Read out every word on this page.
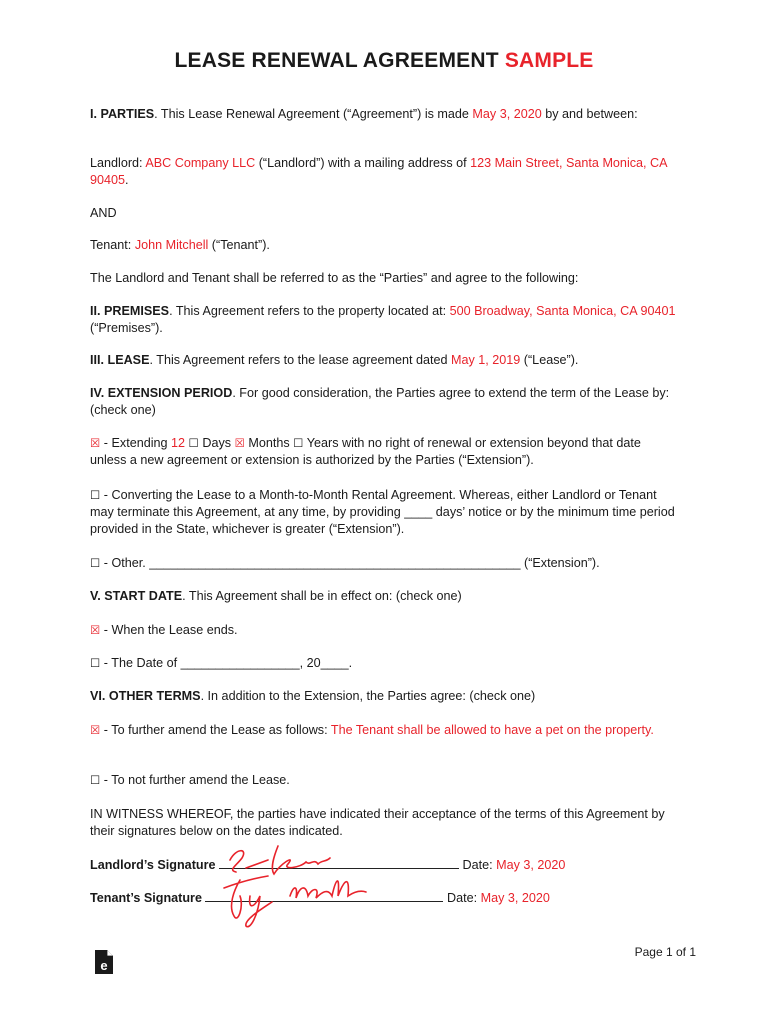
LEASE RENEWAL AGREEMENT SAMPLE
I. PARTIES. This Lease Renewal Agreement (“Agreement”) is made May 3, 2020 by and between:
Landlord: ABC Company LLC (“Landlord”) with a mailing address of 123 Main Street, Santa Monica, CA 90405.
AND
Tenant: John Mitchell (“Tenant”).
The Landlord and Tenant shall be referred to as the “Parties” and agree to the following:
II. PREMISES. This Agreement refers to the property located at: 500 Broadway, Santa Monica, CA 90401 (“Premises”).
III. LEASE. This Agreement refers to the lease agreement dated May 1, 2019 (“Lease”).
IV. EXTENSION PERIOD. For good consideration, the Parties agree to extend the term of the Lease by: (check one)
☒ - Extending 12 ☐ Days ☒ Months ☐ Years with no right of renewal or extension beyond that date unless a new agreement or extension is authorized by the Parties (“Extension”).
☐ - Converting the Lease to a Month-to-Month Rental Agreement. Whereas, either Landlord or Tenant may terminate this Agreement, at any time, by providing ____ days’ notice or by the minimum time period provided in the State, whichever is greater (“Extension”).
☐ - Other. _____________________________________________________ (“Extension”).
V. START DATE. This Agreement shall be in effect on: (check one)
☒ - When the Lease ends.
☐ - The Date of _________________, 20____.
VI. OTHER TERMS. In addition to the Extension, the Parties agree: (check one)
☒ - To further amend the Lease as follows: The Tenant shall be allowed to have a pet on the property.
☐ - To not further amend the Lease.
IN WITNESS WHEREOF, the parties have indicated their acceptance of the terms of this Agreement by their signatures below on the dates indicated.
Landlord’s Signature	Date: May 3, 2020
Tenant’s Signature	Date: May 3, 2020
e
Page 1 of 1
